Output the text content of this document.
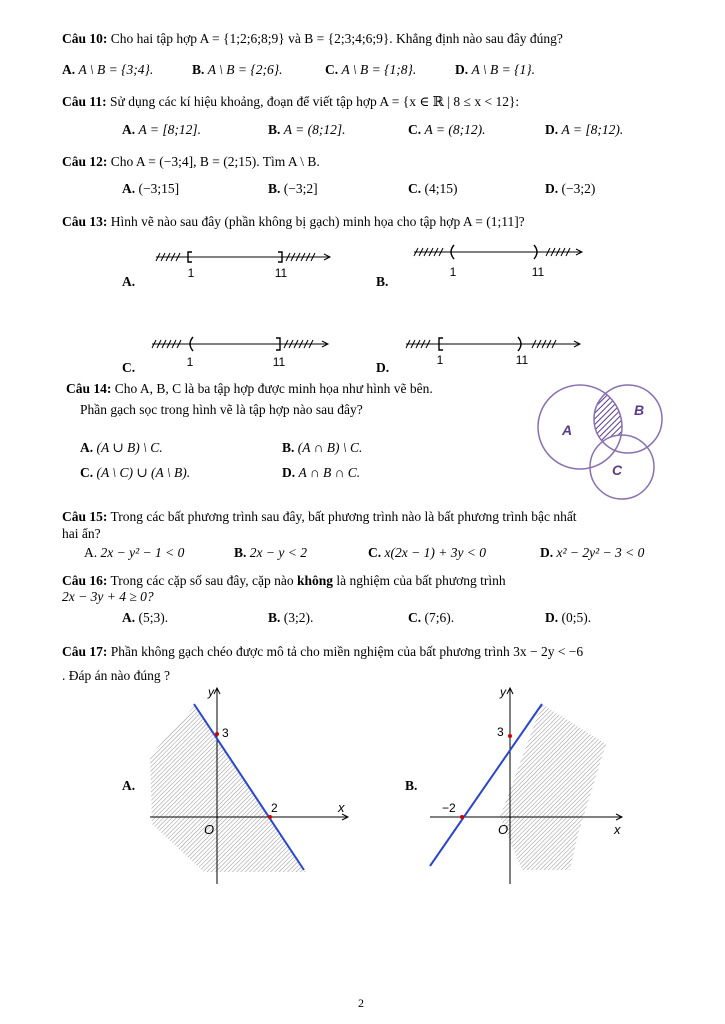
Câu 10: Cho hai tập hợp A = {1;2;6;8;9} và B = {2;3;4;6;9}. Khẳng định nào sau đây đúng?
A. A \ B = {3;4}.	B. A \ B = {2;6}.	C. A \ B = {1;8}.	D. A \ B = {1}.
Câu 11: Sử dụng các kí hiệu khoảng, đoạn để viết tập hợp A = {x ∈ ℝ | 8 ≤ x < 12}:
A. A = [8;12].	B. A = (8;12].	C. A = (8;12).	D. A = [8;12).
Câu 12: Cho A = (−3;4], B = (2;15). Tìm A \ B.
A. (−3;15]	B. (−3;2]	C. (4;15)	D. (−3;2)
Câu 13: Hình vẽ nào sau đây (phần không bị gạch) minh họa cho tập hợp A = (1;11]?
A.	B.
C.	D.
1	11	1	11
1	11	1	11
Câu 14: Cho A, B, C là ba tập hợp được minh họa như hình vẽ bên.
Phần gạch sọc trong hình vẽ là tập hợp nào sau đây?
A. (A ∪ B) \ C.	B. (A ∩ B) \ C.
C. (A \ C) ∪ (A \ B).	D. A ∩ B ∩ C.
A
B
C
Câu 15: Trong các bất phương trình sau đây, bất phương trình nào là bất phương trình bậc nhất
hai ẩn?
A. 2x − y² − 1 < 0	B. 2x − y < 2	C. x(2x − 1) + 3y < 0	D. x² − 2y² − 3 < 0
Câu 16: Trong các cặp số sau đây, cặp nào không là nghiệm của bất phương trình
2x − 3y + 4 ≥ 0?
A. (5;3).	B. (3;2).	C. (7;6).	D. (0;5).
Câu 17: Phần không gạch chéo được mô tả cho miền nghiệm của bất phương trình 3x − 2y < −6
. Đáp án nào đúng ?
A.	B.
y
x
O
3
2
y
x
O
3
−2
2
